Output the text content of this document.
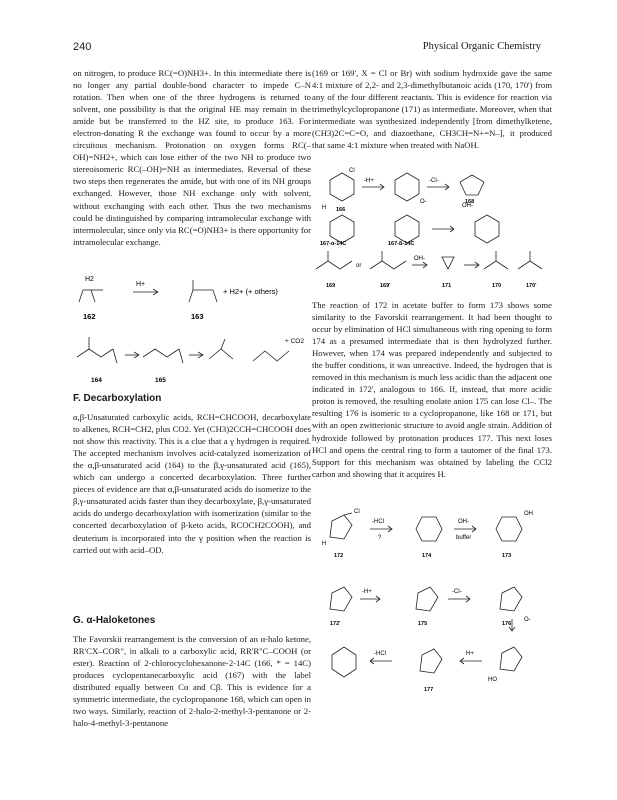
240	Physical Organic Chemistry

on nitrogen, to produce RC(=O)NH3+. In this intermediate there is no longer any partial double-bond character to impede C–N rotation. Then when one of the three hydrogens is returned to solvent, one possibility is that the original HE may remain in the amide but be transferred to the HZ site, to produce 163. For electron-donating R the exchange was found to occur by a more circuitous mechanism. Protonation on oxygen forms RC(–OH)=NH2+, which can lose either of the two NH to produce two stereoisomeric RC(–OH)=NH as intermediates. Reversal of these two steps then regenerates the amide, but with one of its NH groups exchanged. However, those NH exchange only with solvent, without exchanging with each other. Thus the two mechanisms could be distinguished by comparing intramolecular exchange with intermolecular, since only via RC(=O)NH3+ is there opportunity for intramolecular exchange.

H2
H+
+ H2+ (+ others)
162	163
+ CO2
164	165

F. Decarboxylation

α,β-Unsaturated carboxylic acids, RCH=CHCOOH, decarboxylate to alkenes, RCH=CH2, plus CO2. Yet (CH3)2CCH=CHCOOH does not show this reactivity. This is a clue that a γ hydrogen is required. The accepted mechanism involves acid-catalyzed isomerization of the α,β-unsaturated acid (164) to the β,γ-unsaturated acid (165), which can undergo a concerted decarboxylation. Three further pieces of evidence are that α,β-unsaturated acids do isomerize to the β,γ-unsaturated acids faster than they decarboxylate, β,γ-unsaturated acids do undergo decarboxylation with isomerization (similar to the concerted decarboxylation of β-keto acids, RCOCH2COOH), and deuterium is incorporated into the γ position when the reaction is carried out with acid–OD.

G. α-Haloketones

The Favorskii rearrangement is the conversion of an α-halo ketone, RR'CX–COR", in alkali to a carboxylic acid, RR'R"C–COOH (or ester). Reaction of 2-chlorocyclohexanone-2-14C (166, * = 14C) produces cyclopentanecarboxylic acid (167) with the label distributed equally between Cα and Cβ. This is evidence for a symmetric intermediate, the cyclopropanone 168, which can open in two ways. Similarly, reaction of 2-halo-2-methyl-3-pentanone or 2-halo-4-methyl-3-pentanone

(169 or 169', X = Cl or Br) with sodium hydroxide gave the same 4:1 mixture of 2,2- and 2,3-dimethylbutanoic acids (170, 170') from any of the four different reactants. This is evidence for reaction via trimethylcyclopropanone (171) as intermediate. Moreover, when that intermediate was synthesized independently [from dimethylketene, (CH3)2C=C=O, and diazoethane, CH3CH=N+=N–], it produced that same 4:1 mixture when treated with NaOH.

Cl
H
-H+
O-
-Cl-
OH-
166
168
167-α-14C	167-β-14C
or
OH-
169	169'	171	170	170'

The reaction of 172 in acetate buffer to form 173 shows some similarity to the Favorskii rearrangement. It had been thought to occur by elimination of HCl simultaneous with ring opening to form 174 as a presumed intermediate that is then hydrolyzed further. However, when 174 was prepared independently and subjected to the buffer conditions, it was unreactive. Indeed, the hydrogen that is removed in this mechanism is much less acidic than the adjacent one indicated in 172', analogous to 166. If, instead, that more acidic proton is removed, the resulting enolate anion 175 can lose Cl–. The resulting 176 is isomeric to a cyclopropanone, like 168 or 171, but with an open zwitterionic structure to avoid angle strain. Addition of hydroxide followed by protonation produces 177. This next loses HCl and opens the central ring to form a tautomer of the final 173. Support for this mechanism was obtained by labeling the CCl2 carbon and showing that it acquires H.

Cl
-HCl
?
OH-
buffer
OH
H
172	174	173
-H+	-Cl-
O-
172'	175	176
-HCl	H+
HO
177
